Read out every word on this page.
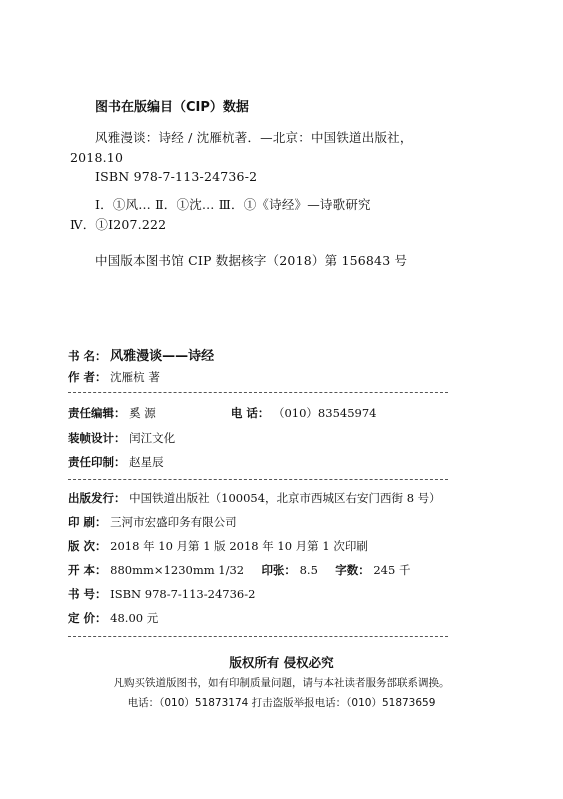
图书在版编目（CIP）数据
风雅漫谈：诗经 / 沈雁杭著．—北京：中国铁道出版社，
2018.10
ISBN 978-7-113-24736-2
Ⅰ．①风… Ⅱ．①沈… Ⅲ．①《诗经》—诗歌研究
Ⅳ．①I207.222
中国版本图书馆 CIP 数据核字（2018）第 156843 号
书 名： 风雅漫谈——诗经
作 者： 沈雁杭 著
责任编辑： 奚 源	电 话： （010）83545974
装帧设计： 闰江文化
责任印制： 赵星辰
出版发行： 中国铁道出版社（100054，北京市西城区右安门西街 8 号）
印 刷： 三河市宏盛印务有限公司
版 次： 2018 年 10 月第 1 版 2018 年 10 月第 1 次印刷
开 本： 880mm×1230mm 1/32 印张： 8.5 字数： 245 千
书 号： ISBN 978-7-113-24736-2
定 价： 48.00 元
版权所有 侵权必究
凡购买铁道版图书，如有印制质量问题，请与本社读者服务部联系调换。
电话：（010）51873174 打击盗版举报电话：（010）51873659
